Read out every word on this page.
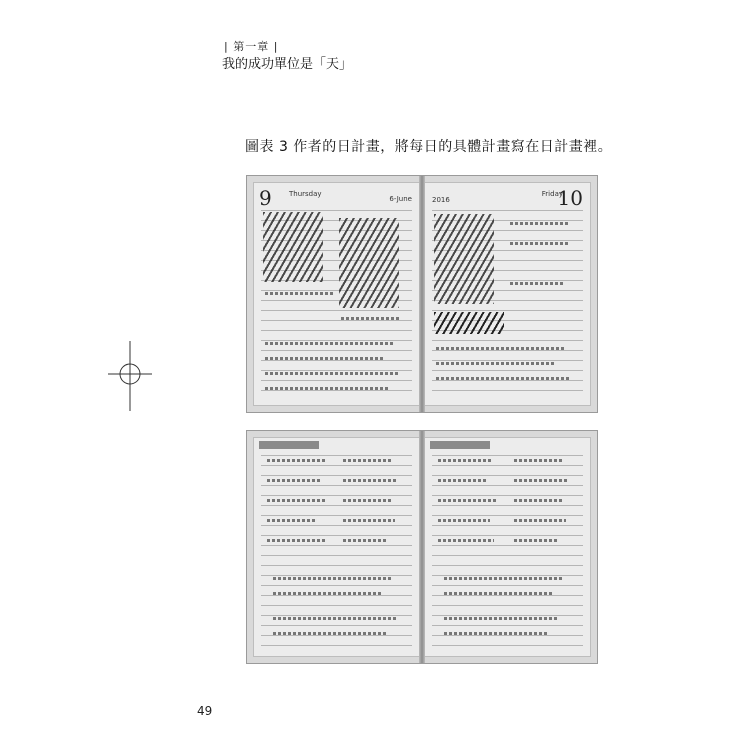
| 第一章 |
我的成功單位是「天」
圖表 3 作者的日計畫，將每日的具體計畫寫在日計畫裡。
9 Thursday
6-June	2016
Friday
10
49
